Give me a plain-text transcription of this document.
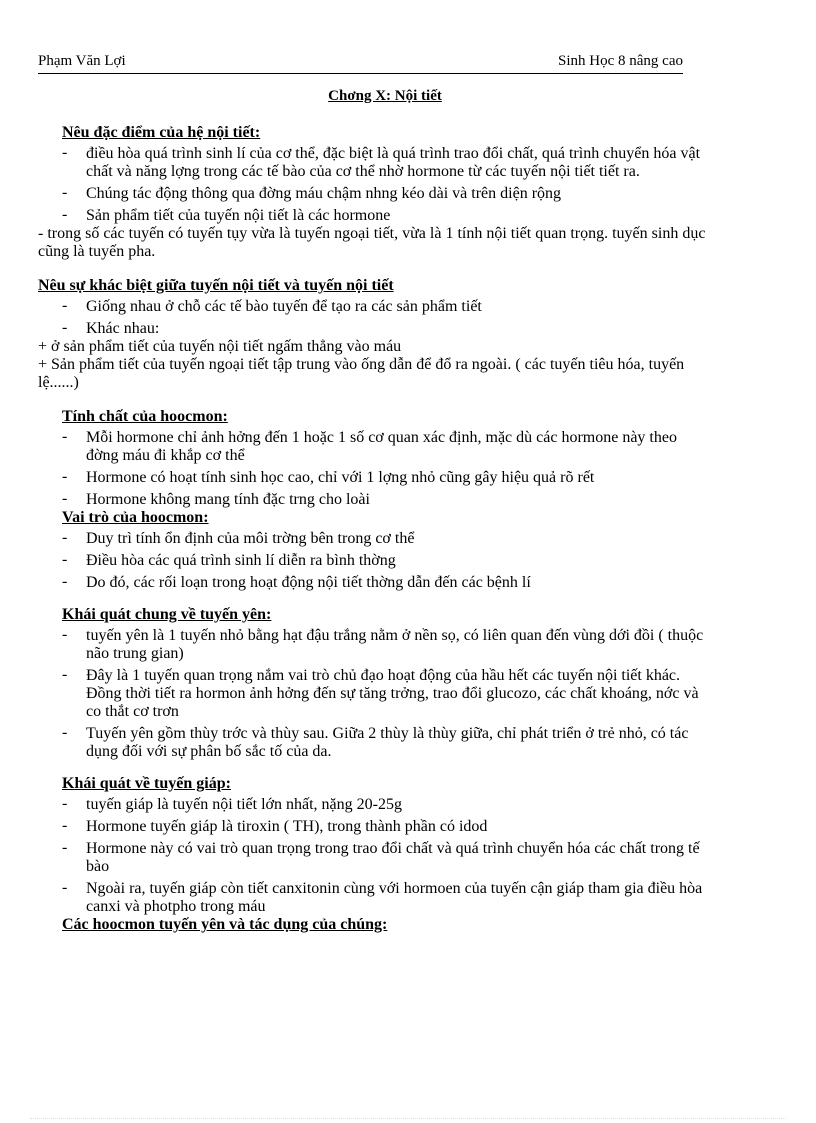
Phạm Văn Lợi	Sinh Học 8 nâng cao
Chơng X: Nội tiết

Nêu đặc điểm của hệ nội tiết:

- điều hòa quá trình sinh lí của cơ thể, đặc biệt là quá trình trao đổi chất, quá trình chuyển hóa vật chất và năng lợng trong các tế bào của cơ thể nhờ hormone từ các tuyến nội tiết tiết ra.
- Chúng tác động thông qua đờng máu chậm nhng kéo dài và trên diện rộng
- Sản phẩm tiết của tuyến nội tiết là các hormone

- trong số các tuyến có tuyến tụy vừa là tuyến ngoại tiết, vừa là 1 tính nội tiết quan trọng. tuyến sinh dục cũng là tuyến pha.

Nêu sự khác biệt giữa tuyến nội tiết và tuyến nội tiết

- Giống nhau ở chỗ các tế bào tuyến để tạo ra các sản phẩm tiết
- Khác nhau:

+ ở sản phẩm tiết của tuyến nội tiết ngấm thẳng vào máu

+ Sản phẩm tiết của tuyến ngoại tiết tập trung vào ống dẫn để đổ ra ngoài. ( các tuyến tiêu hóa, tuyến lệ......)

Tính chất của hoocmon:

- Mỗi hormone chỉ ảnh hởng đến 1 hoặc 1 số cơ quan xác định, mặc dù các hormone này theo đờng máu đi khắp cơ thể
- Hormone có hoạt tính sinh học cao, chỉ với 1 lợng nhỏ cũng gây hiệu quả rõ rết
- Hormone không mang tính đặc trng cho loài

Vai trò của hoocmon:

- Duy trì tính ổn định của môi trờng bên trong cơ thể
- Điều hòa các quá trình sinh lí diễn ra bình thờng
- Do đó, các rối loạn trong hoạt động nội tiết thờng dẫn đến các bệnh lí

Khái quát chung về tuyến yên:

- tuyến yên là 1 tuyến nhỏ bằng hạt đậu trắng nằm ở nền sọ, có liên quan đến vùng dới đồi ( thuộc não trung gian)
- Đây là 1 tuyến quan trọng nắm vai trò chủ đạo hoạt động của hầu hết các tuyến nội tiết khác. Đồng thời tiết ra hormon ảnh hởng đến sự tăng trởng, trao đổi glucozo, các chất khoáng, nớc và co thắt cơ trơn
- Tuyến yên gồm thùy trớc và thùy sau. Giữa 2 thùy là thùy giữa, chỉ phát triển ở trẻ nhỏ, có tác dụng đối với sự phân bố sắc tố của da.

Khái quát về tuyến giáp:

- tuyến giáp là tuyến nội tiết lớn nhất, nặng 20-25g
- Hormone tuyến giáp là tiroxin ( TH), trong thành phần có idod
- Hormone này có vai trò quan trọng trong trao đổi chất và quá trình chuyển hóa các chất trong tế bào
- Ngoài ra, tuyến giáp còn tiết canxitonin cùng với hormoen của tuyến cận giáp tham gia điều hòa canxi và photpho trong máu

Các hoocmon tuyến yên và tác dụng của chúng:
